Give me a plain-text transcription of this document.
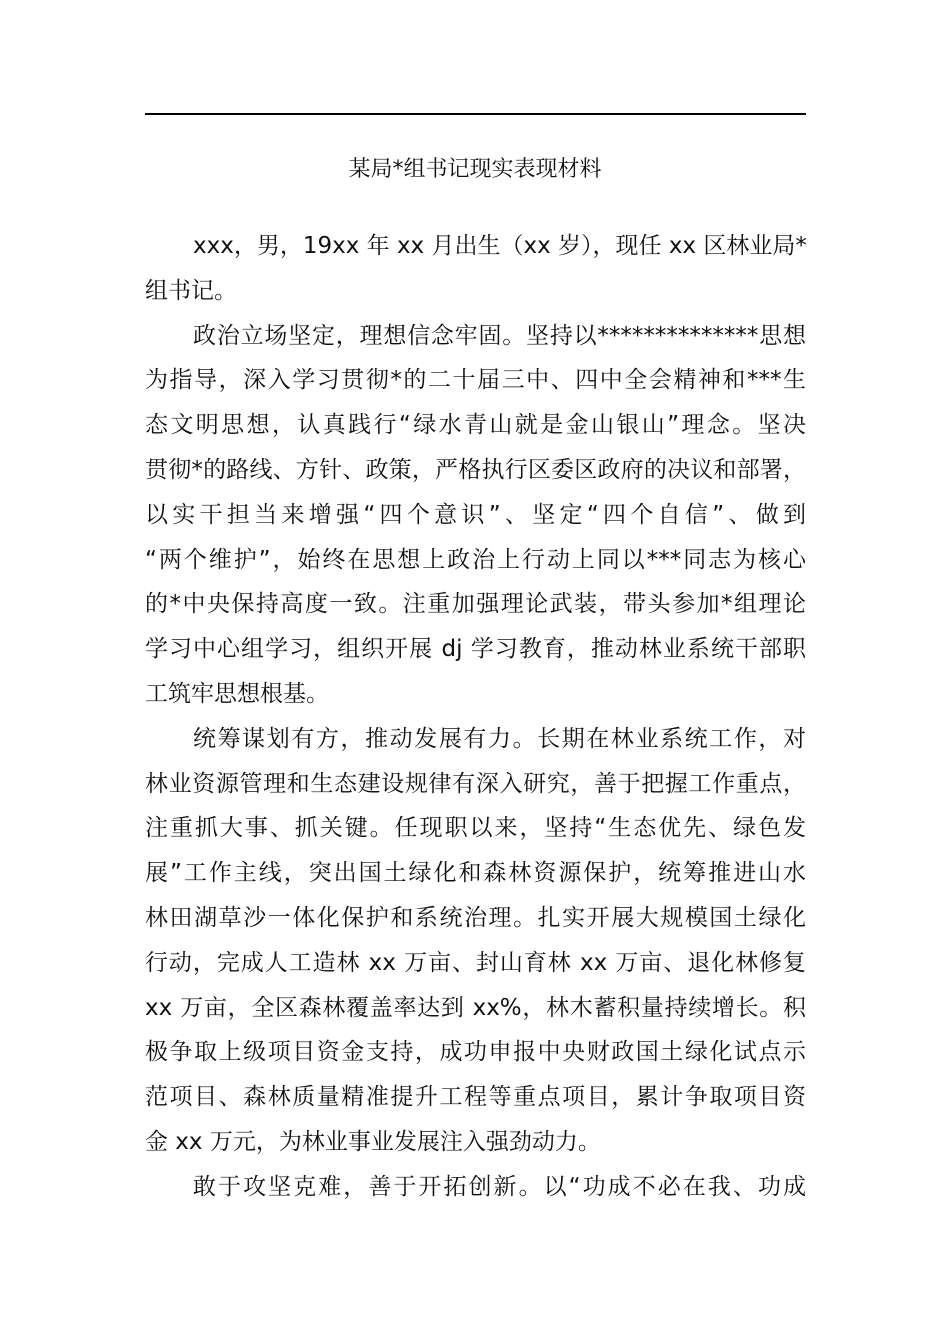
某局*组书记现实表现材料
xxx，男，19xx 年 xx 月出生（xx 岁），现任 xx 区林业局*
组书记。
政治立场坚定，理想信念牢固。坚持以**************思想
为指导，深入学习贯彻*的二十届三中、四中全会精神和***生
态文明思想，认真践行“绿水青山就是金山银山”理念。坚决
贯彻*的路线、方针、政策，严格执行区委区政府的决议和部署，
以实干担当来增强“四个意识”、坚定“四个自信”、做到
“两个维护”，始终在思想上政治上行动上同以***同志为核心
的*中央保持高度一致。注重加强理论武装，带头参加*组理论
学习中心组学习，组织开展 dj 学习教育，推动林业系统干部职
工筑牢思想根基。
统筹谋划有方，推动发展有力。长期在林业系统工作，对
林业资源管理和生态建设规律有深入研究，善于把握工作重点，
注重抓大事、抓关键。任现职以来，坚持“生态优先、绿色发
展”工作主线，突出国土绿化和森林资源保护，统筹推进山水
林田湖草沙一体化保护和系统治理。扎实开展大规模国土绿化
行动，完成人工造林 xx 万亩、封山育林 xx 万亩、退化林修复
xx 万亩，全区森林覆盖率达到 xx%，林木蓄积量持续增长。积
极争取上级项目资金支持，成功申报中央财政国土绿化试点示
范项目、森林质量精准提升工程等重点项目，累计争取项目资
金 xx 万元，为林业事业发展注入强劲动力。
敢于攻坚克难，善于开拓创新。以“功成不必在我、功成
